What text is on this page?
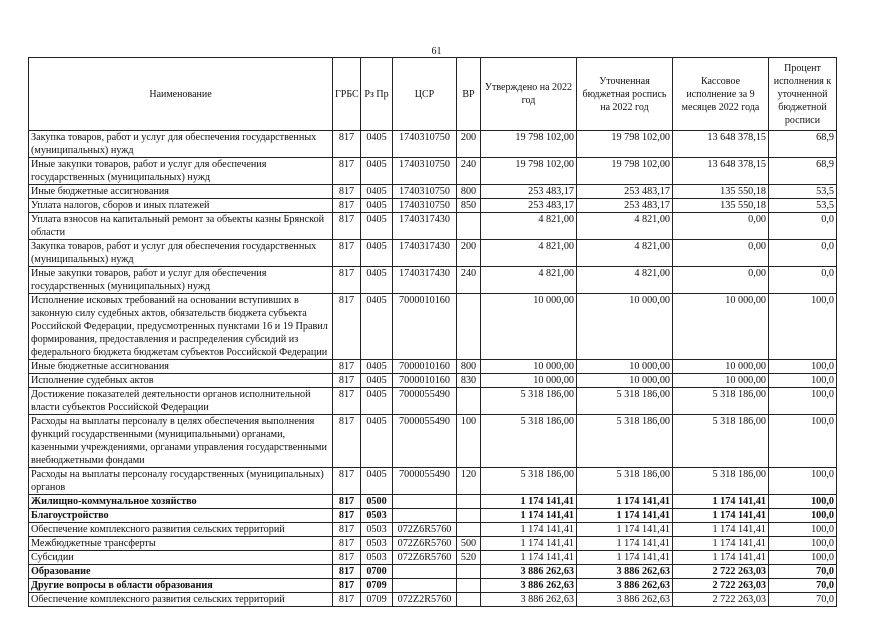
61
Наименование	ГРБС	Рз Пр	ЦСР	ВР	Утверждено на 2022 год	Уточненная бюджетная роспись на 2022 год	Кассовое исполнение за 9 месяцев 2022 года	Процент исполнения к уточненной бюджетной росписи
Закупка товаров, работ и услуг для обеспечения государственных (муниципальных) нужд	817	0405	1740310750	200	19 798 102,00	19 798 102,00	13 648 378,15	68,9
Иные закупки товаров, работ и услуг для обеспечения государственных (муниципальных) нужд	817	0405	1740310750	240	19 798 102,00	19 798 102,00	13 648 378,15	68,9
Иные бюджетные ассигнования	817	0405	1740310750	800	253 483,17	253 483,17	135 550,18	53,5
Уплата налогов, сборов и иных платежей	817	0405	1740310750	850	253 483,17	253 483,17	135 550,18	53,5
Уплата взносов на капитальный ремонт за объекты казны Брянской области	817	0405	1740317430		4 821,00	4 821,00	0,00	0,0
Закупка товаров, работ и услуг для обеспечения государственных (муниципальных) нужд	817	0405	1740317430	200	4 821,00	4 821,00	0,00	0,0
Иные закупки товаров, работ и услуг для обеспечения государственных (муниципальных) нужд	817	0405	1740317430	240	4 821,00	4 821,00	0,00	0,0
Исполнение исковых требований на основании вступивших в законную силу судебных актов, обязательств бюджета субъекта Российской Федерации, предусмотренных пунктами 16 и 19 Правил формирования, предоставления и распределения субсидий из федерального бюджета бюджетам субъектов Российской Федерации	817	0405	7000010160		10 000,00	10 000,00	10 000,00	100,0
Иные бюджетные ассигнования	817	0405	7000010160	800	10 000,00	10 000,00	10 000,00	100,0
Исполнение судебных актов	817	0405	7000010160	830	10 000,00	10 000,00	10 000,00	100,0
Достижение показателей деятельности органов исполнительной власти субъектов Российской Федерации	817	0405	7000055490		5 318 186,00	5 318 186,00	5 318 186,00	100,0
Расходы на выплаты персоналу в целях обеспечения выполнения функций государственными (муниципальными) органами, казенными учреждениями, органами управления государственными внебюджетными фондами	817	0405	7000055490	100	5 318 186,00	5 318 186,00	5 318 186,00	100,0
Расходы на выплаты персоналу государственных (муниципальных) органов	817	0405	7000055490	120	5 318 186,00	5 318 186,00	5 318 186,00	100,0
Жилищно-коммунальное хозяйство	817	0500			1 174 141,41	1 174 141,41	1 174 141,41	100,0
Благоустройство	817	0503			1 174 141,41	1 174 141,41	1 174 141,41	100,0
Обеспечение комплексного развития сельских территорий	817	0503	072Z6R5760		1 174 141,41	1 174 141,41	1 174 141,41	100,0
Межбюджетные трансферты	817	0503	072Z6R5760	500	1 174 141,41	1 174 141,41	1 174 141,41	100,0
Субсидии	817	0503	072Z6R5760	520	1 174 141,41	1 174 141,41	1 174 141,41	100,0
Образование	817	0700			3 886 262,63	3 886 262,63	2 722 263,03	70,0
Другие вопросы в области образования	817	0709			3 886 262,63	3 886 262,63	2 722 263,03	70,0
Обеспечение комплексного развития сельских территорий	817	0709	072Z2R5760		3 886 262,63	3 886 262,63	2 722 263,03	70,0
